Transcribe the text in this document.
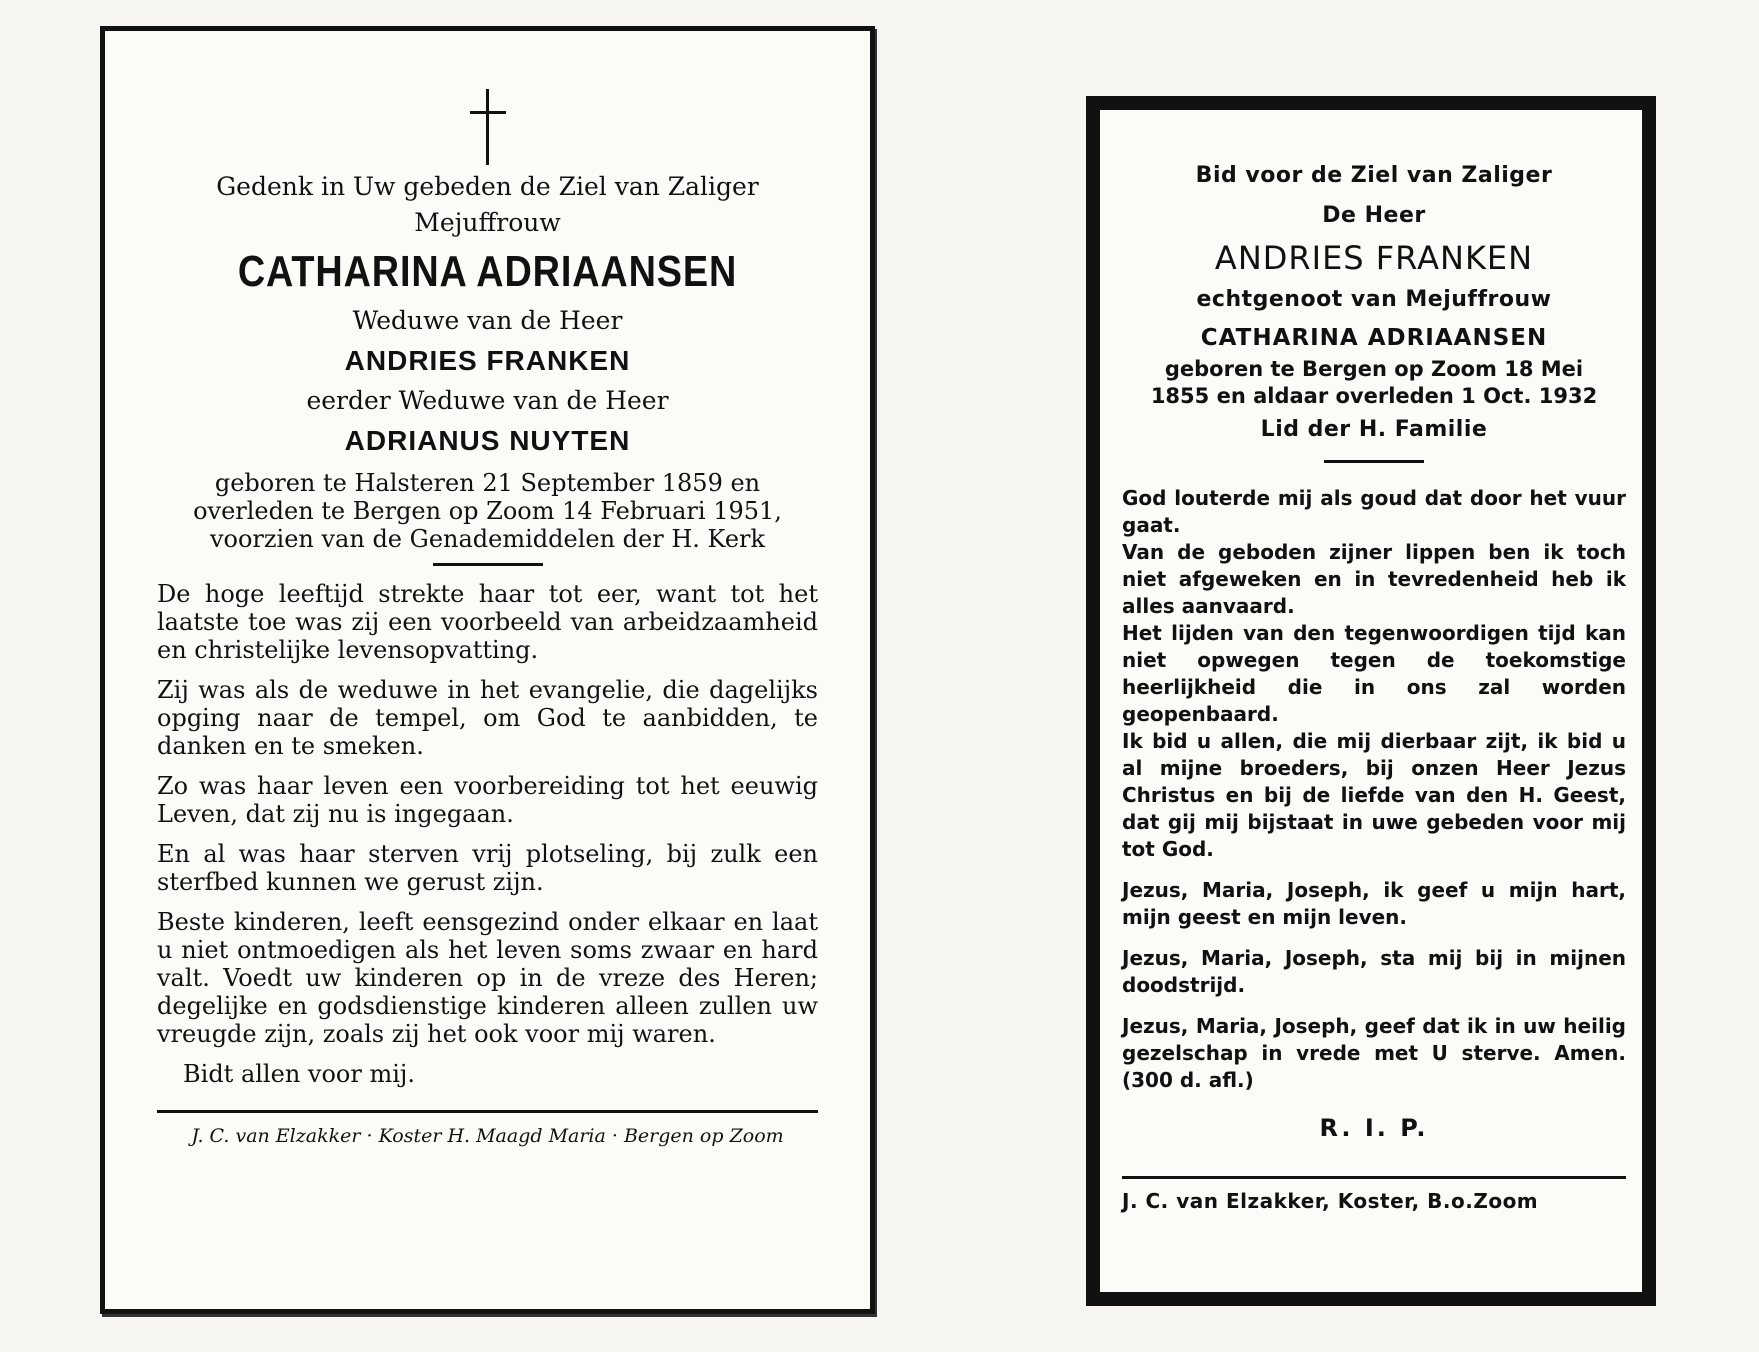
Gedenk in Uw gebeden de Ziel van Zaliger
Mejuffrouw
CATHARINA ADRIAANSEN
Weduwe van de Heer
ANDRIES FRANKEN
eerder Weduwe van de Heer
ADRIANUS NUYTEN
geboren te Halsteren 21 September 1859 en
overleden te Bergen op Zoom 14 Februari 1951,
voorzien van de Genademiddelen der H. Kerk

De hoge leeftijd strekte haar tot eer, want tot het laatste toe was zij een voorbeeld van arbeidzaamheid en christelijke levensopvatting.

Zij was als de weduwe in het evangelie, die dagelijks opging naar de tempel, om God te aanbidden, te danken en te smeken.

Zo was haar leven een voorbereiding tot het eeuwig Leven, dat zij nu is ingegaan.

En al was haar sterven vrij plotseling, bij zulk een sterfbed kunnen we gerust zijn.

Beste kinderen, leeft eensgezind onder elkaar en laat u niet ontmoedigen als het leven soms zwaar en hard valt. Voedt uw kinderen op in de vreze des Heren; degelijke en godsdienstige kinderen alleen zullen uw vreugde zijn, zoals zij het ook voor mij waren.

Bidt allen voor mij.

J. C. van Elzakker · Koster H. Maagd Maria · Bergen op Zoom
Bid voor de Ziel van Zaliger
De Heer
ANDRIES FRANKEN
echtgenoot van Mejuffrouw
CATHARINA ADRIAANSEN
geboren te Bergen op Zoom 18 Mei
1855 en aldaar overleden 1 Oct. 1932
Lid der H. Familie

God louterde mij als goud dat door het vuur gaat.

Van de geboden zijner lippen ben ik toch niet afgeweken en in tevredenheid heb ik alles aanvaard.

Het lijden van den tegenwoordigen tijd kan niet opwegen tegen de toekomstige heerlijkheid die in ons zal worden geopenbaard.

Ik bid u allen, die mij dierbaar zijt, ik bid u al mijne broeders, bij onzen Heer Jezus Christus en bij de liefde van den H. Geest, dat gij mij bijstaat in uwe gebeden voor mij tot God.

Jezus, Maria, Joseph, ik geef u mijn hart, mijn geest en mijn leven.

Jezus, Maria, Joseph, sta mij bij in mijnen doodstrijd.

Jezus, Maria, Joseph, geef dat ik in uw heilig gezelschap in vrede met U sterve. Amen. (300 d. afl.)

R. I. P.
J. C. van Elzakker, Koster, B.o.Zoom
